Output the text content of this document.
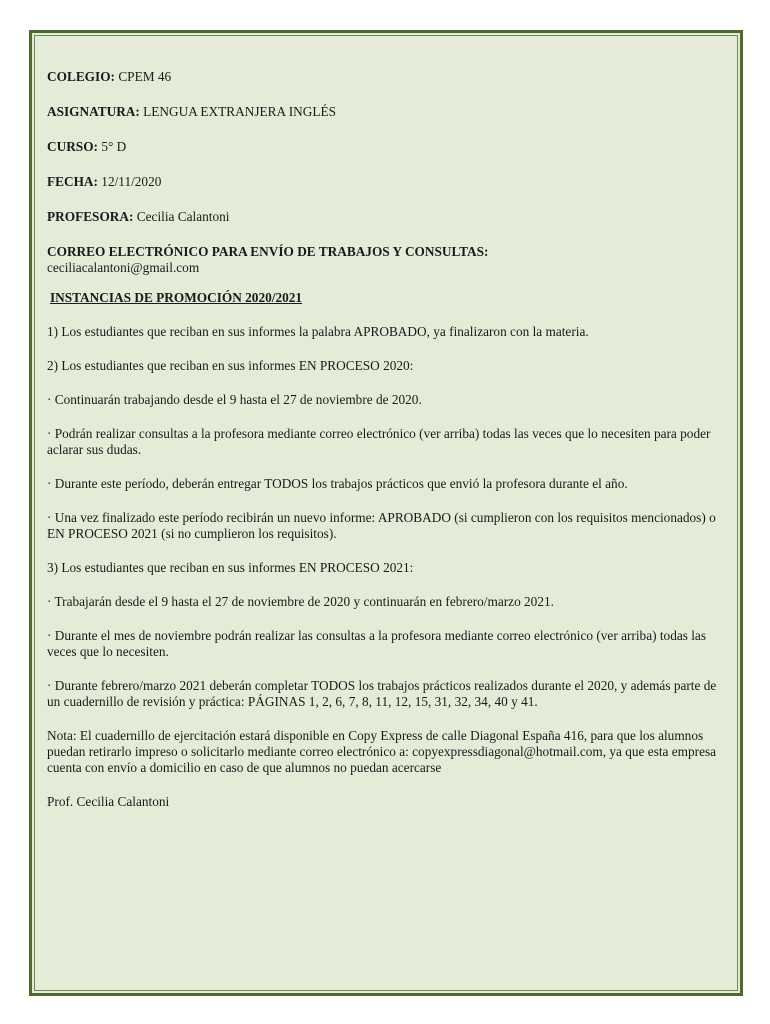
COLEGIO: CPEM 46
ASIGNATURA: LENGUA EXTRANJERA INGLÉS
CURSO: 5° D
FECHA: 12/11/2020
PROFESORA: Cecilia Calantoni
CORREO ELECTRÓNICO PARA ENVÍO DE TRABAJOS Y CONSULTAS:
ceciliacalantoni@gmail.com
INSTANCIAS DE PROMOCIÓN 2020/2021
1) Los estudiantes que reciban en sus informes la palabra APROBADO, ya finalizaron con la materia.
2) Los estudiantes que reciban en sus informes EN PROCESO 2020:
· Continuarán trabajando desde el 9 hasta el 27 de noviembre de 2020.
· Podrán realizar consultas a la profesora mediante correo electrónico (ver arriba) todas las veces que lo necesiten para poder aclarar sus dudas.
· Durante este período, deberán entregar TODOS los trabajos prácticos que envió la profesora durante el año.
· Una vez finalizado este período recibirán un nuevo informe: APROBADO (si cumplieron con los requisitos mencionados) o EN PROCESO 2021 (si no cumplieron los requisitos).
3) Los estudiantes que reciban en sus informes EN PROCESO 2021:
· Trabajarán desde el 9 hasta el 27 de noviembre de 2020 y continuarán en febrero/marzo 2021.
· Durante el mes de noviembre podrán realizar las consultas a la profesora mediante correo electrónico (ver arriba) todas las veces que lo necesiten.
· Durante febrero/marzo 2021 deberán completar TODOS los trabajos prácticos realizados durante el 2020, y además parte de un cuadernillo de revisión y práctica: PÁGINAS 1, 2, 6, 7, 8, 11, 12, 15, 31, 32, 34, 40 y 41.
Nota: El cuadernillo de ejercitación estará disponible en Copy Express de calle Diagonal España 416, para que los alumnos puedan retirarlo impreso o solicitarlo mediante correo electrónico a: copyexpressdiagonal@hotmail.com, ya que esta empresa cuenta con envío a domicilio en caso de que alumnos no puedan acercarse
Prof. Cecilia Calantoni
